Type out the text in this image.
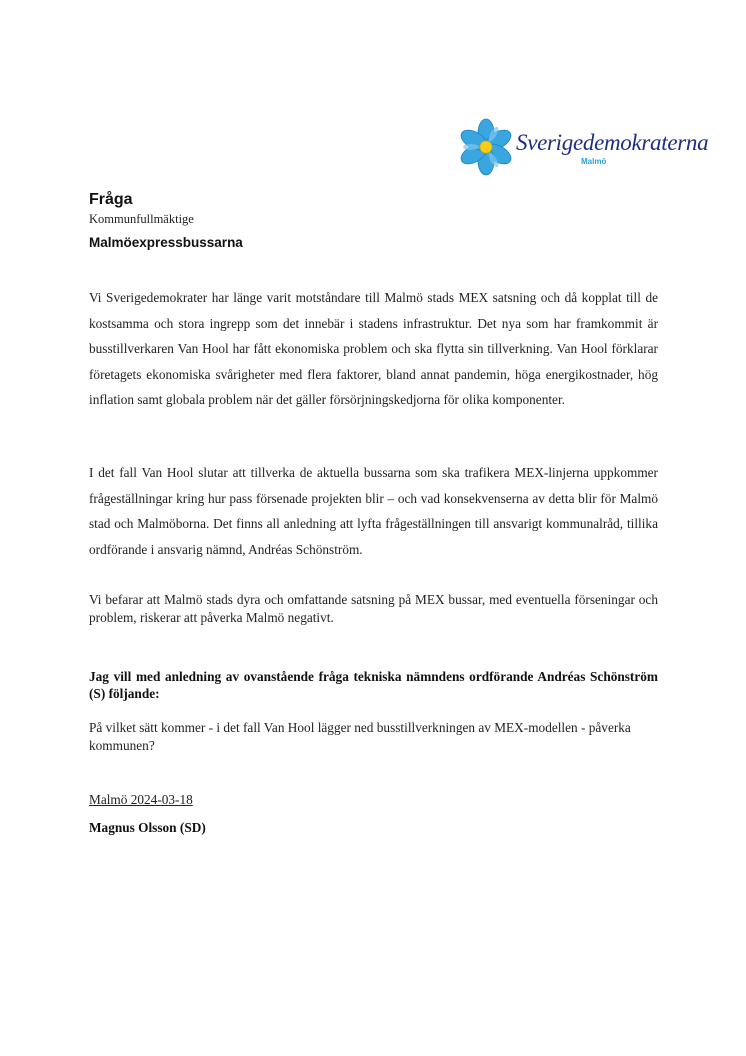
Sverigedemokraterna
Malmö
Fråga
Kommunfullmäktige
Malmöexpressbussarna

Vi Sverigedemokrater har länge varit motståndare till Malmö stads MEX satsning och då kopplat till de kostsamma och stora ingrepp som det innebär i stadens infrastruktur. Det nya som har framkommit är busstillverkaren Van Hool har fått ekonomiska problem och ska flytta sin tillverkning. Van Hool förklarar företagets ekonomiska svårigheter med flera faktorer, bland annat pandemin, höga energikostnader, hög inflation samt globala problem när det gäller försörjningskedjorna för olika komponenter.

I det fall Van Hool slutar att tillverka de aktuella bussarna som ska trafikera MEX-linjerna uppkommer frågeställningar kring hur pass försenade projekten blir – och vad konsekvenserna av detta blir för Malmö stad och Malmöborna. Det finns all anledning att lyfta frågeställningen till ansvarigt kommunalråd, tillika ordförande i ansvarig nämnd, Andréas Schönström.

Vi befarar att Malmö stads dyra och omfattande satsning på MEX bussar, med eventuella förseningar och problem, riskerar att påverka Malmö negativt.

Jag vill med anledning av ovanstående fråga tekniska nämndens ordförande Andréas Schönström (S) följande:

På vilket sätt kommer - i det fall Van Hool lägger ned busstillverkningen av MEX-modellen - påverka kommunen?

Malmö 2024-03-18
Magnus Olsson (SD)
